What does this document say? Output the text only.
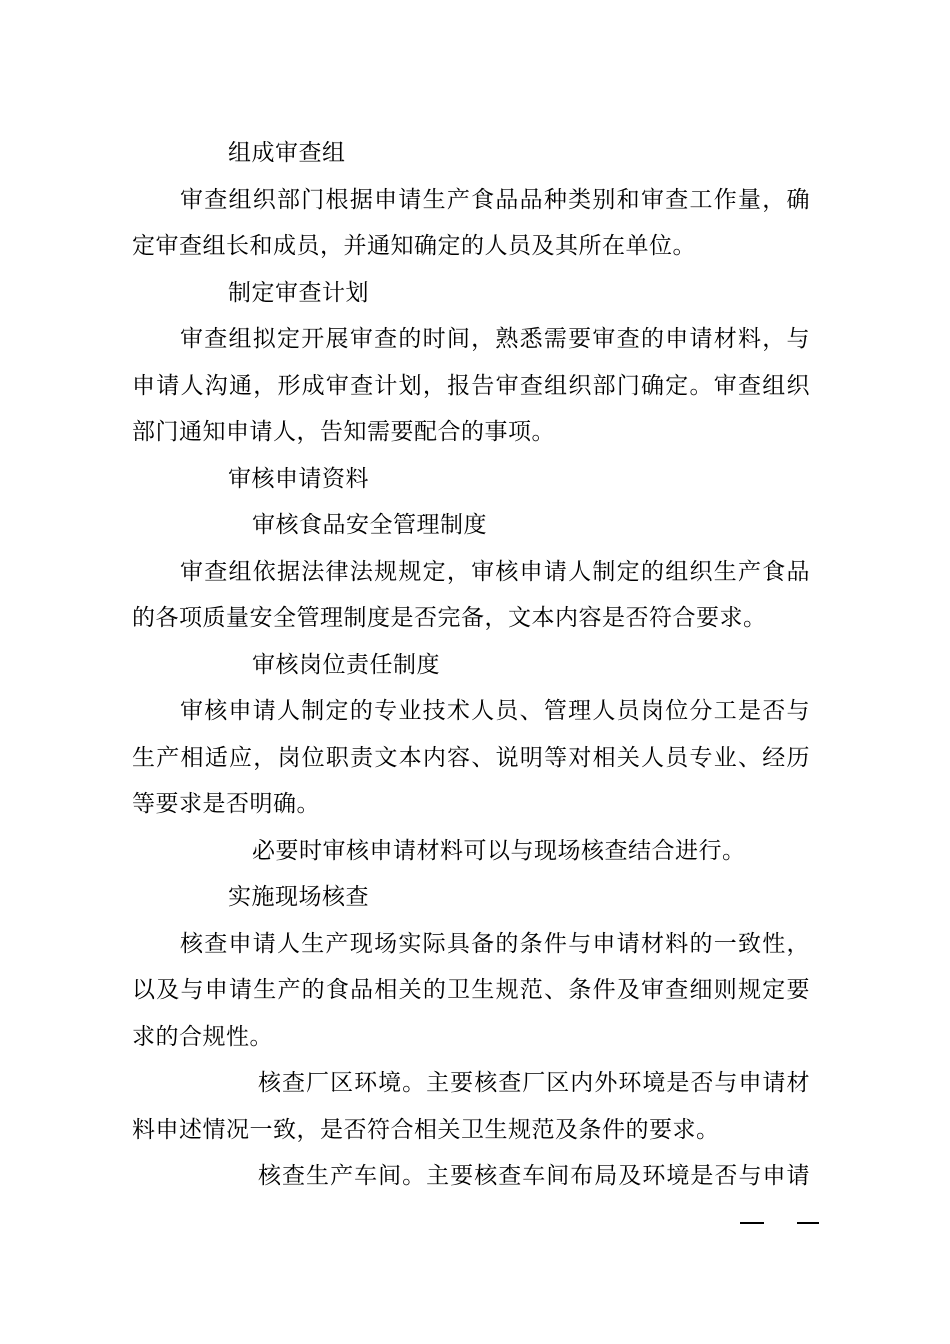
组成审查组
审查组织部门根据申请生产食品品种类别和审查工作量，确
定审查组长和成员，并通知确定的人员及其所在单位。
制定审查计划
审查组拟定开展审查的时间，熟悉需要审查的申请材料，与
申请人沟通，形成审查计划，报告审查组织部门确定。审查组织
部门通知申请人，告知需要配合的事项。
审核申请资料
审核食品安全管理制度
审查组依据法律法规规定，审核申请人制定的组织生产食品
的各项质量安全管理制度是否完备，文本内容是否符合要求。
审核岗位责任制度
审核申请人制定的专业技术人员、管理人员岗位分工是否与
生产相适应，岗位职责文本内容、说明等对相关人员专业、经历
等要求是否明确。
必要时审核申请材料可以与现场核查结合进行。
实施现场核查
核查申请人生产现场实际具备的条件与申请材料的一致性，
以及与申请生产的食品相关的卫生规范、条件及审查细则规定要
求的合规性。
核查厂区环境。主要核查厂区内外环境是否与申请材
料申述情况一致，是否符合相关卫生规范及条件的要求。
核查生产车间。主要核查车间布局及环境是否与申请
